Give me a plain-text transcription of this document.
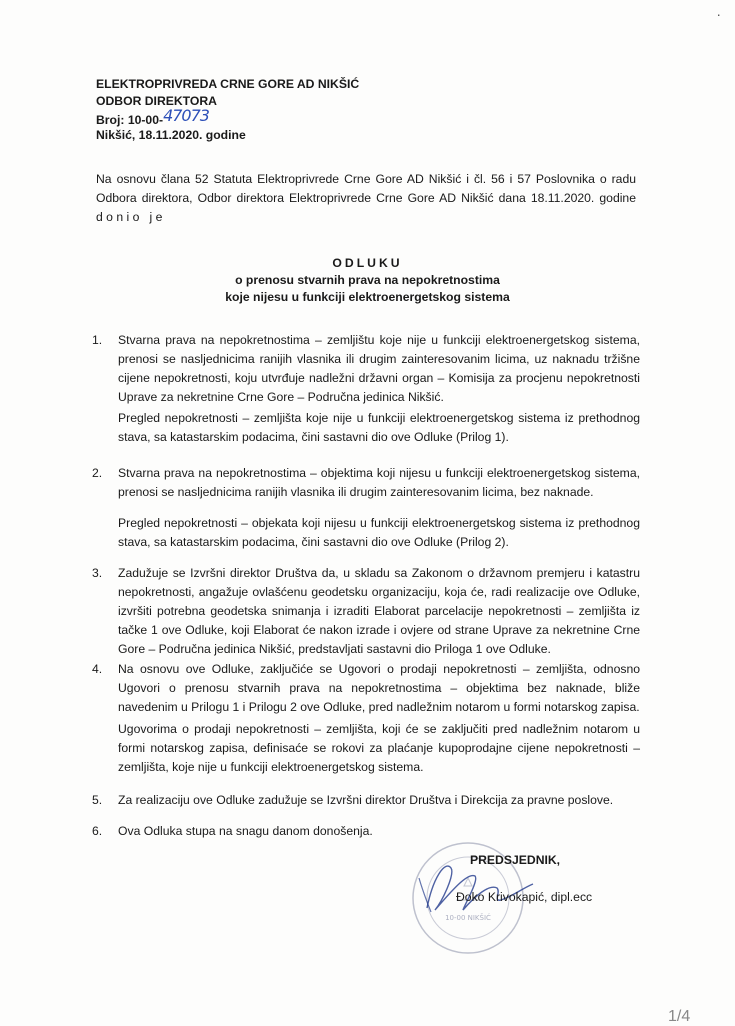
·
ELEKTROPRIVREDA CRNE GORE AD NIKŠIĆ
ODBOR DIREKTORA
Broj: 10-00-47073
Nikšić, 18.11.2020. godine
Na osnovu člana 52 Statuta Elektroprivrede Crne Gore AD Nikšić i čl. 56 i 57 Poslovnika o radu Odbora direktora, Odbor direktora Elektroprivrede Crne Gore AD Nikšić dana 18.11.2020. godine
d o n i o   j e
ODLUKU
o prenosu stvarnih prava na nepokretnostima
koje nijesu u funkciji elektroenergetskog sistema
1. Stvarna prava na nepokretnostima – zemljištu koje nije u funkciji elektroenergetskog sistema, prenosi se nasljednicima ranijih vlasnika ili drugim zainteresovanim licima, uz naknadu tržišne cijene nepokretnosti, koju utvrđuje nadležni državni organ – Komisija za procjenu nepokretnosti Uprave za nekretnine Crne Gore – Područna jedinica Nikšić.
Pregled nepokretnosti – zemljišta koje nije u funkciji elektroenergetskog sistema iz prethodnog stava, sa katastarskim podacima, čini sastavni dio ove Odluke (Prilog 1).
2. Stvarna prava na nepokretnostima – objektima koji nijesu u funkciji elektroenergetskog sistema, prenosi se nasljednicima ranijih vlasnika ili drugim zainteresovanim licima, bez naknade.
Pregled nepokretnosti – objekata koji nijesu u funkciji elektroenergetskog sistema iz prethodnog stava, sa katastarskim podacima, čini sastavni dio ove Odluke (Prilog 2).
3. Zadužuje se Izvršni direktor Društva da, u skladu sa Zakonom o državnom premjeru i katastru nepokretnosti, angažuje ovlašćenu geodetsku organizaciju, koja će, radi realizacije ove Odluke, izvršiti potrebna geodetska snimanja i izraditi Elaborat parcelacije nepokretnosti – zemljišta iz tačke 1 ove Odluke, koji Elaborat će nakon izrade i ovjere od strane Uprave za nekretnine Crne Gore – Područna jedinica Nikšić, predstavljati sastavni dio Priloga 1 ove Odluke.
4. Na osnovu ove Odluke, zaključiće se Ugovori o prodaji nepokretnosti – zemljišta, odnosno Ugovori o prenosu stvarnih prava na nepokretnostima – objektima bez naknade, bliže navedenim u Prilogu 1 i Prilogu 2 ove Odluke, pred nadležnim notarom u formi notarskog zapisa.
Ugovorima o prodaji nepokretnosti – zemljišta, koji će se zaključiti pred nadležnim notarom u formi notarskog zapisa, definisaće se rokovi za plaćanje kupoprodajne cijene nepokretnosti – zemljišta, koje nije u funkciji elektroenergetskog sistema.
5. Za realizaciju ove Odluke zadužuje se Izvršni direktor Društva i Direkcija za pravne poslove.
6. Ova Odluka stupa na snagu danom donošenja.
10-00 NIKŠIĆ
PREDSJEDNIK,
Đoko Krivokapić, dipl.ecc
1/4
